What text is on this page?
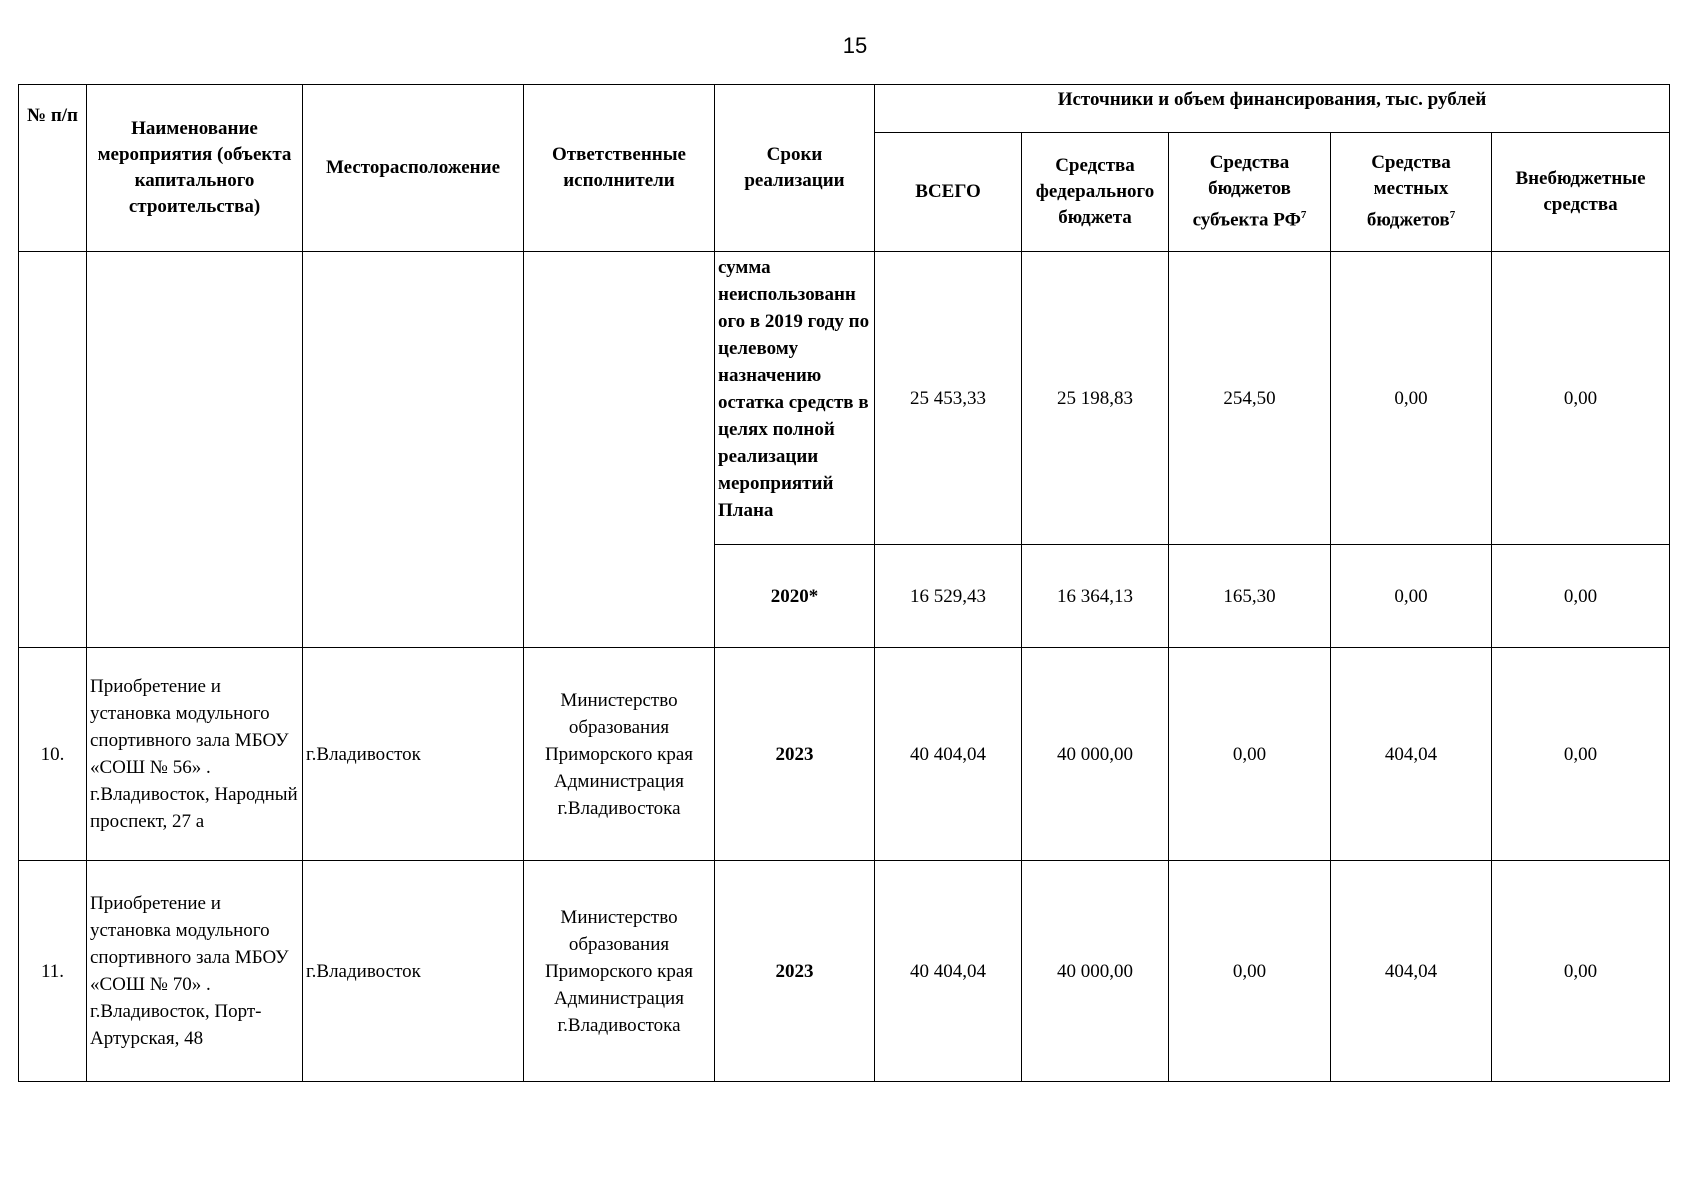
15
№ п/п	Наименование мероприятия (объекта капитального строительства)	Месторасположение	Ответственные исполнители	Сроки реализации	Источники и объем финансирования, тыс. рублей				
					ВСЕГО	Средства федерального бюджета	Средства бюджетов субъекта $РФ^7$	Средства местных бюджетов$^7$	Внебюджетные средства
				сумма неиспользованн ого в 2019 году по целевому назначению остатка средств в целях полной реализации мероприятий Плана	25 453,33	25 198,83	254,50	0,00	0,00
				2020*	16 529,43	16 364,13	165,30	0,00	0,00
10.	Приобретение и установка модульного спортивного зала МБОУ «СОШ № 56» . г.Владивосток, Народный проспект, 27 а	г.Владивосток	Министерство образования Приморского края Администрация г.Владивостока	2023	40 404,04	40 000,00	0,00	404,04	0,00
11.	Приобретение и установка модульного спортивного зала МБОУ «СОШ № 70» . г.Владивосток, Порт-Артурская, 48	г.Владивосток	Министерство образования Приморского края Администрация г.Владивостока	2023	40 404,04	40 000,00	0,00	404,04	0,00
